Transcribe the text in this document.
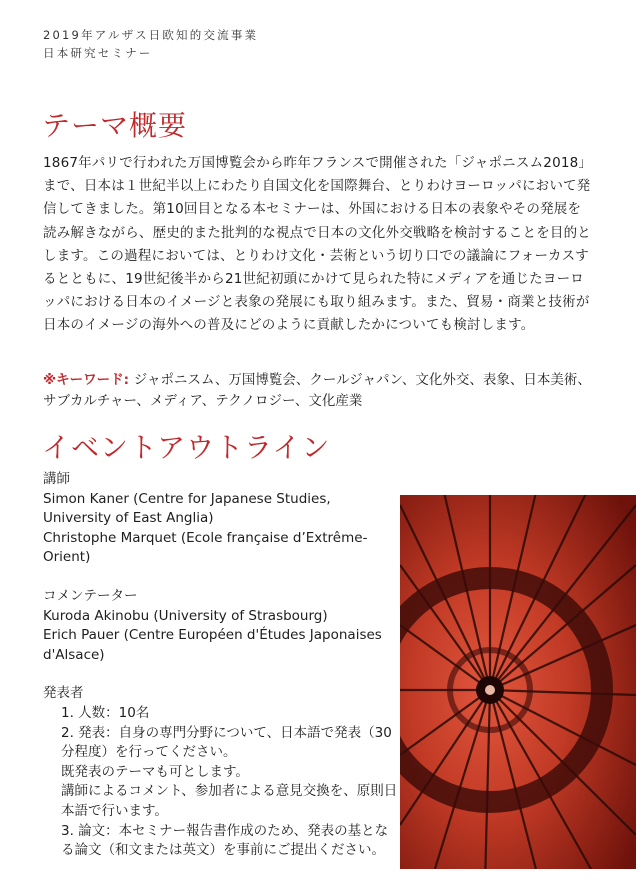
2019年アルザス日欧知的交流事業
日本研究セミナー
テーマ概要
1867年パリで行われた万国博覧会から昨年フランスで開催された「ジャポニスム2018」まで、日本は１世紀半以上にわたり自国文化を国際舞台、とりわけヨーロッパにおいて発信してきました。第10回目となる本セミナーは、外国における日本の表象やその発展を読み解きながら、歴史的また批判的な視点で日本の文化外交戦略を検討することを目的とします。この過程においては、とりわけ文化・芸術という切り口での議論にフォーカスするとともに、19世紀後半から21世紀初頭にかけて見られた特にメディアを通じたヨーロッパにおける日本のイメージと表象の発展にも取り組みます。また、貿易・商業と技術が日本のイメージの海外への普及にどのように貢献したかについても検討します。
※キーワード: ジャポニスム、万国博覧会、クールジャパン、文化外交、表象、日本美術、サブカルチャー、メディア、テクノロジー、文化産業
イベントアウトライン

講師

Simon Kaner (Centre for Japanese Studies, University of East Anglia)
Christophe Marquet (Ecole française d’Extrême-Orient)

コメンテーター

Kuroda Akinobu (University of Strasbourg)
Erich Pauer (Centre Européen d'Études Japonaises d'Alsace)

発表者

1. 人数：10名
2. 発表：自身の専門分野について、日本語で発表（30分程度）を行ってください。
既発表のテーマも可とします。
講師によるコメント、参加者による意見交換を、原則日本語で行います。
3. 論文：本セミナー報告書作成のため、発表の基となる論文（和文または英文）を事前にご提出ください。
